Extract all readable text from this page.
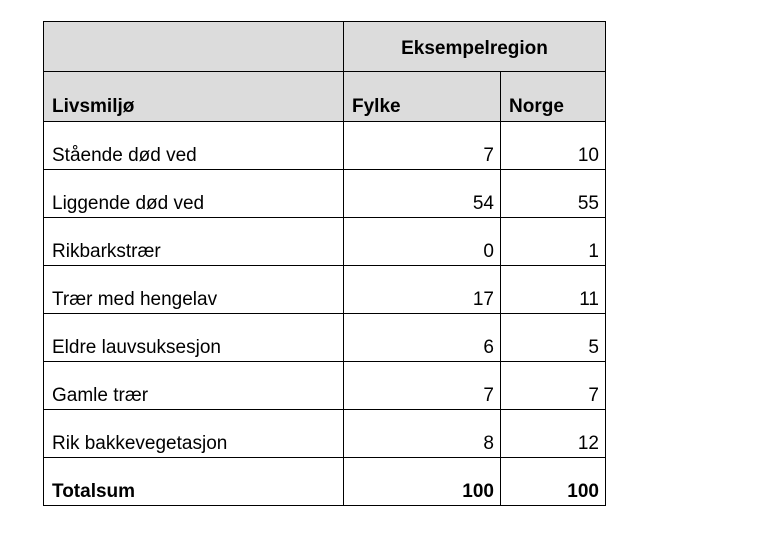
	Eksempelregion	
Livsmiljø	Fylke	Norge
Stående død ved	7	10
Liggende død ved	54	55
Rikbarkstrær	0	1
Trær med hengelav	17	11
Eldre lauvsuksesjon	6	5
Gamle trær	7	7
Rik bakkevegetasjon	8	12
Totalsum	100	100
